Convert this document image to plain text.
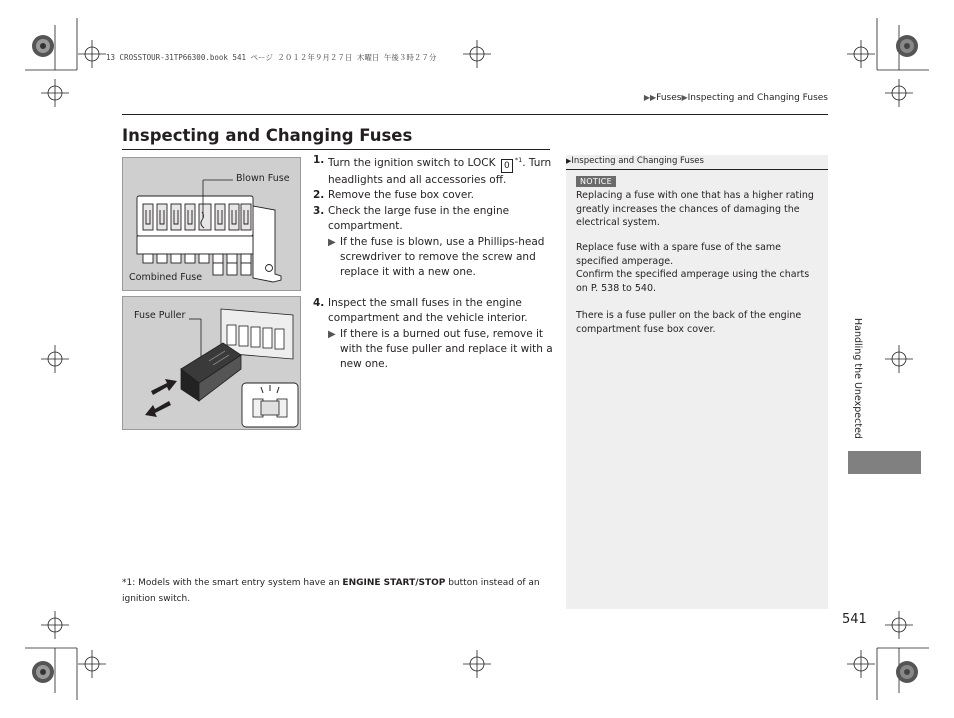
13 CROSSTOUR-31TP66300.book 541 ページ ２０１２年９月２７日 木曜日 午後３時２７分
▶▶Fuses▶Inspecting and Changing Fuses
Inspecting and Changing Fuses
Blown Fuse
Combined Fuse
Fuse Puller
1. Turn the ignition switch to LOCK 0$^{*1}$. Turn headlights and all accessories off.
2. Remove the fuse box cover.
3. Check the large fuse in the engine compartment.
▶ If the fuse is blown, use a Phillips-head screwdriver to remove the screw and replace it with a new one.
4. Inspect the small fuses in the engine compartment and the vehicle interior.
▶ If there is a burned out fuse, remove it with the fuse puller and replace it with a new one.
*1: Models with the smart entry system have an ENGINE START/STOP button instead of an ignition switch.
▶Inspecting and Changing Fuses
NOTICE
Replacing a fuse with one that has a higher rating greatly increases the chances of damaging the electrical system.
Replace fuse with a spare fuse of the same specified amperage.
Confirm the specified amperage using the charts on P. 538 to 540.
There is a fuse puller on the back of the engine compartment fuse box cover.	Handling the Unexpected
541
